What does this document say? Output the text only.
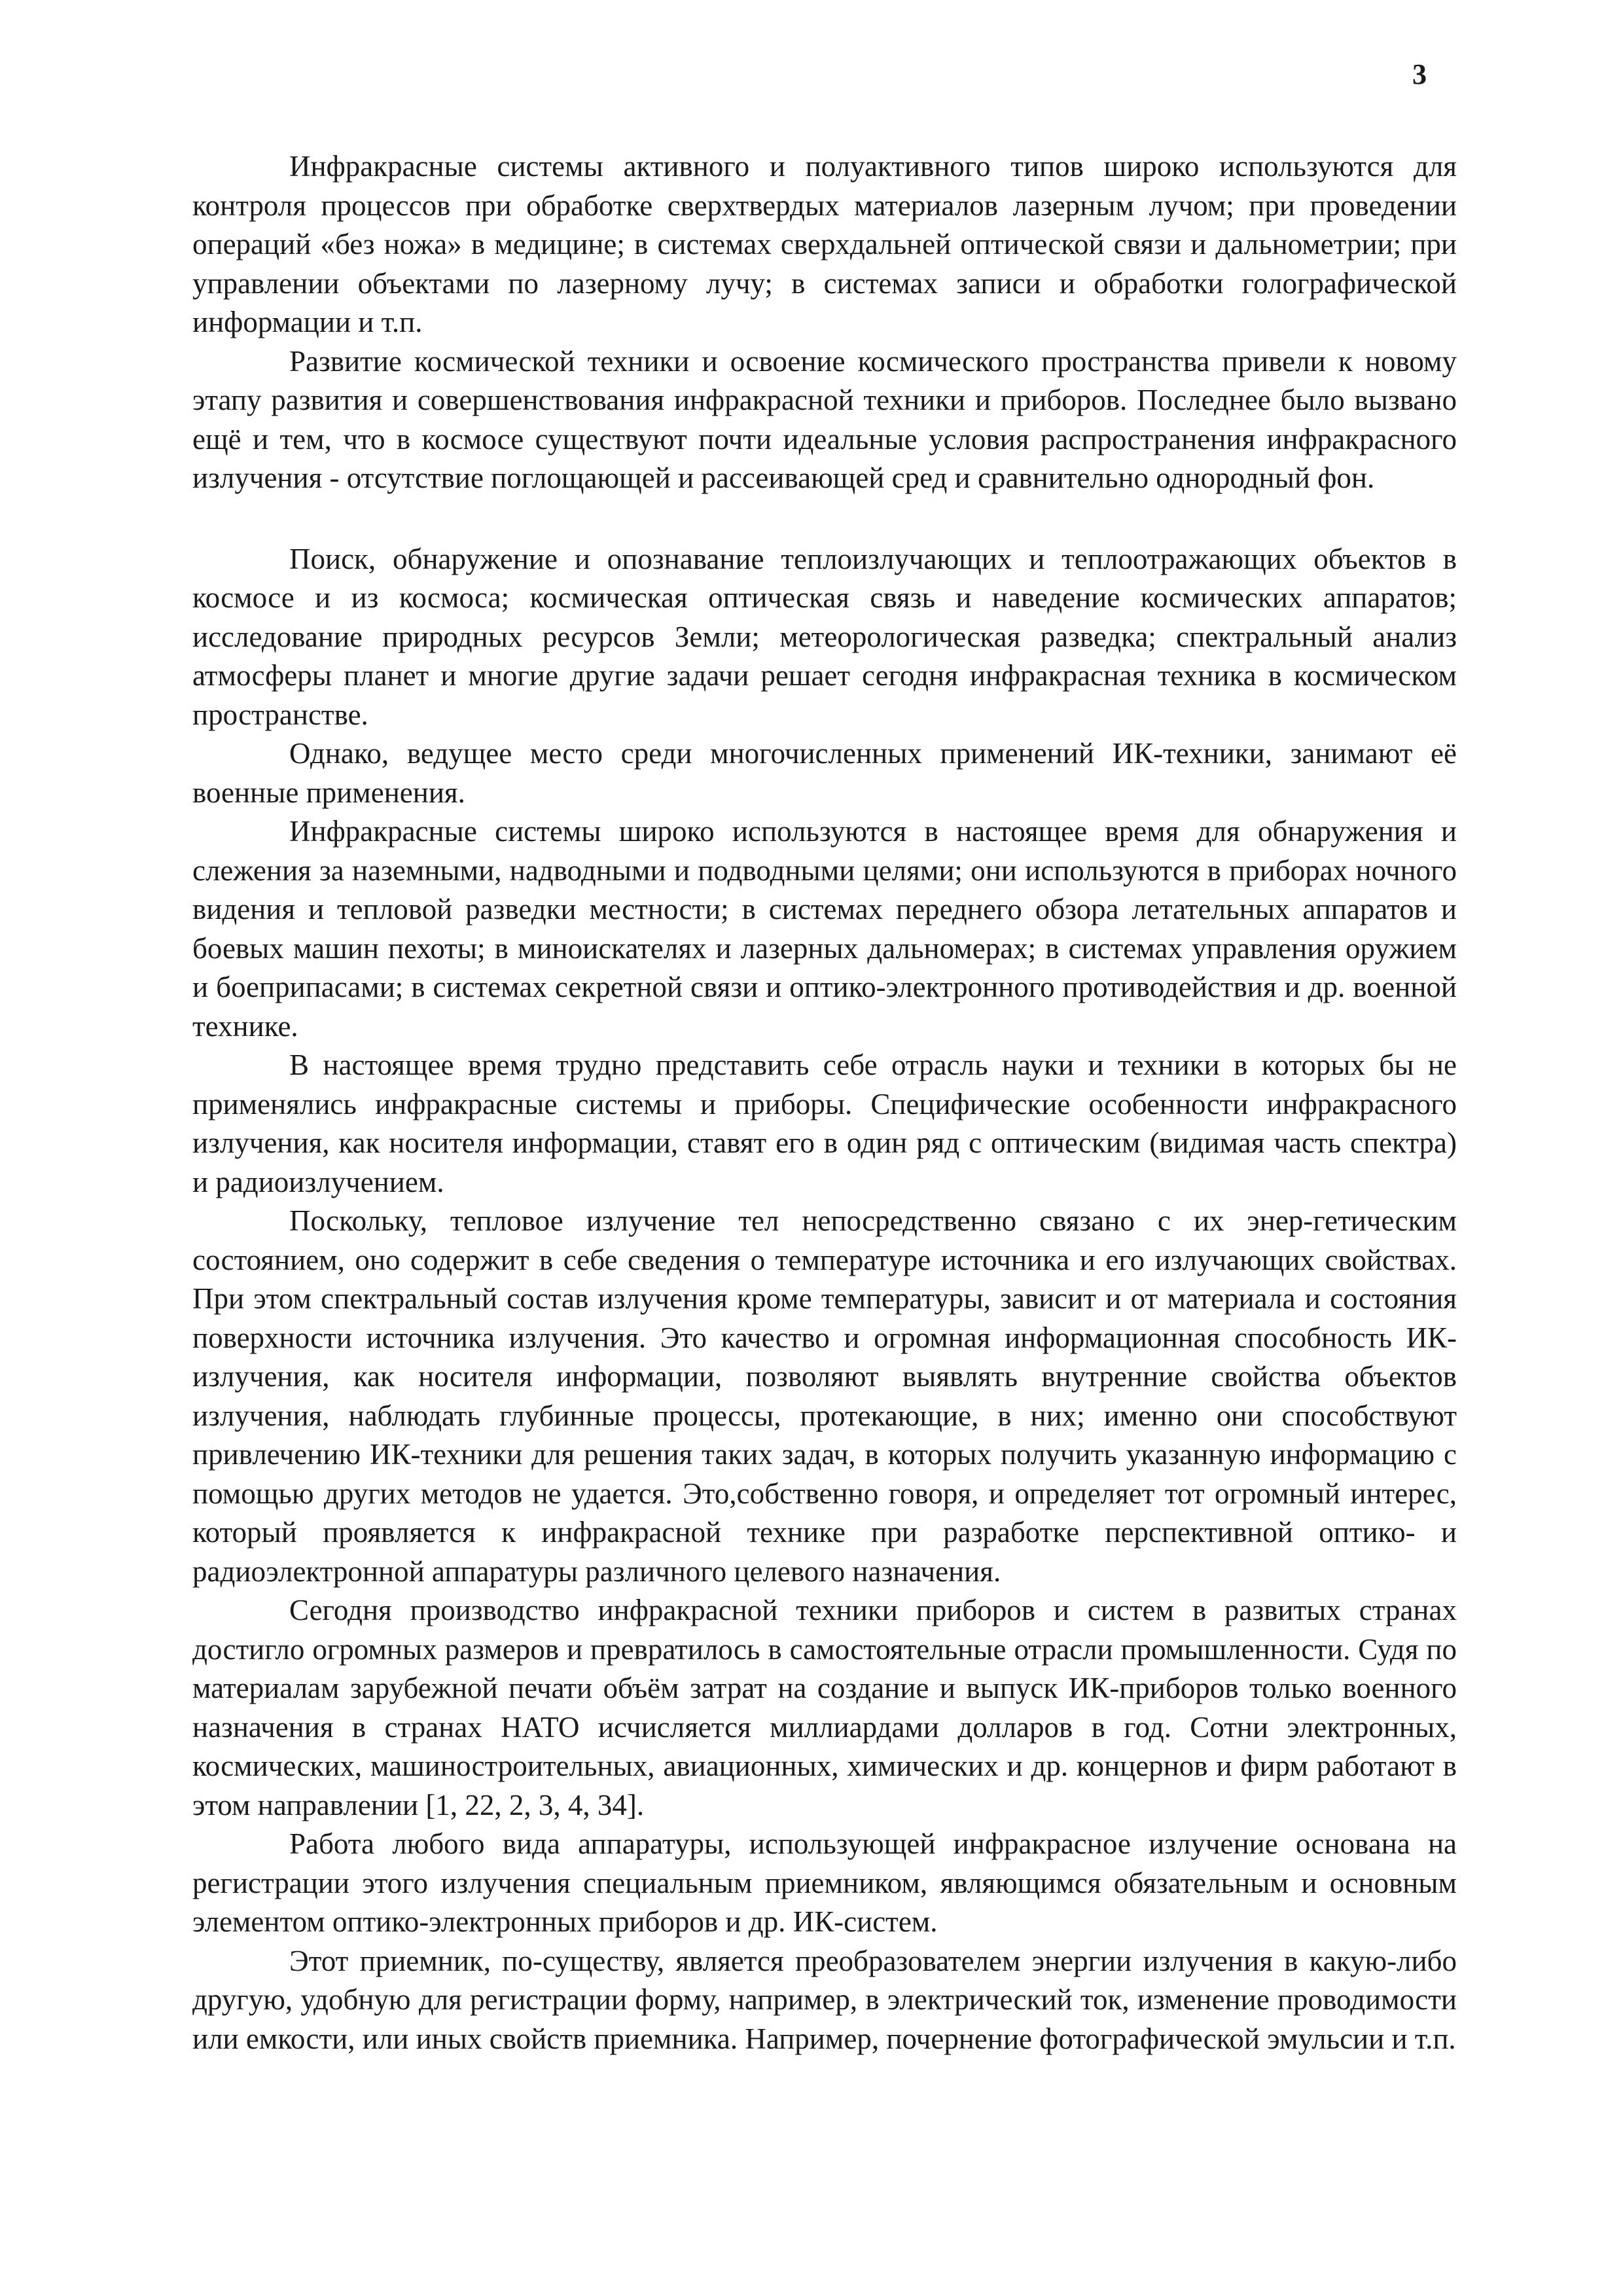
3

Инфракрасные системы активного и полуактивного типов широко используются для контроля процессов при обработке сверхтвердых материалов лазерным лучом; при проведении операций «без ножа» в медицине; в системах сверхдальней оптической связи и дальнометрии; при управлении объектами по лазерному лучу; в системах записи и обработки голографической информации и т.п.

Развитие космической техники и освоение космического пространства привели к новому этапу развития и совершенствования инфракрасной техники и приборов. Последнее было вызвано ещё и тем, что в космосе существуют почти идеальные условия распространения инфракрасного излучения - отсутствие поглощающей и рассеивающей сред и сравнительно однородный фон.

Поиск, обнаружение и опознавание теплоизлучающих и теплоотражающих объектов в космосе и из космоса; космическая оптическая связь и наведение космических аппаратов; исследование природных ресурсов Земли; метеорологическая разведка; спектральный анализ атмосферы планет и многие другие задачи решает сегодня инфракрасная техника в космическом пространстве.

Однако, ведущее место среди многочисленных применений ИК-техники, занимают её военные применения.

Инфракрасные системы широко используются в настоящее время для обнаружения и слежения за наземными, надводными и подводными целями; они используются в приборах ночного видения и тепловой разведки местности; в системах переднего обзора летательных аппаратов и боевых машин пехоты; в миноискателях и лазерных дальномерах; в системах управления оружием и боеприпасами; в системах секретной связи и оптико-электронного противодействия и др. военной технике.

В настоящее время трудно представить себе отрасль науки и техники в которых бы не применялись инфракрасные системы и приборы. Специфические особенности инфракрасного излучения, как носителя информации, ставят его в один ряд с оптическим (видимая часть спектра) и радиоизлучением.

Поскольку, тепловое излучение тел непосредственно связано с их энер-гетическим состоянием, оно содержит в себе сведения о температуре источника и его излучающих свойствах. При этом спектральный состав излучения кроме температуры, зависит и от материала и состояния поверхности источника излучения. Это качество и огромная информационная способность ИК-излучения, как носителя информации, позволяют выявлять внутренние свойства объектов излучения, наблюдать глубинные процессы, протекающие, в них; именно они способствуют привлечению ИК-техники для решения таких задач, в которых получить указанную информацию с помощью других методов не удается. Это,собственно говоря, и определяет тот огромный интерес, который проявляется к инфракрасной технике при разработке перспективной оптико- и радиоэлектронной аппаратуры различного целевого назначения.

Сегодня производство инфракрасной техники приборов и систем в развитых странах достигло огромных размеров и превратилось в самостоятельные отрасли промышленности. Судя по материалам зарубежной печати объём затрат на создание и выпуск ИК-приборов только военного назначения в странах НАТО исчисляется миллиардами долларов в год. Сотни электронных, космических, машиностроительных, авиационных, химических и др. концернов и фирм работают в этом направлении [1, 22, 2, 3, 4, 34].

Работа любого вида аппаратуры, использующей инфракрасное излучение основана на регистрации этого излучения специальным приемником, являющимся обязательным и основным элементом оптико-электронных приборов и др. ИК-систем.

Этот приемник, по-существу, является преобразователем энергии излучения в какую-либо другую, удобную для регистрации форму, например, в электрический ток, изменение проводимости или емкости, или иных свойств приемника. Например, почернение фотографической эмульсии и т.п.
